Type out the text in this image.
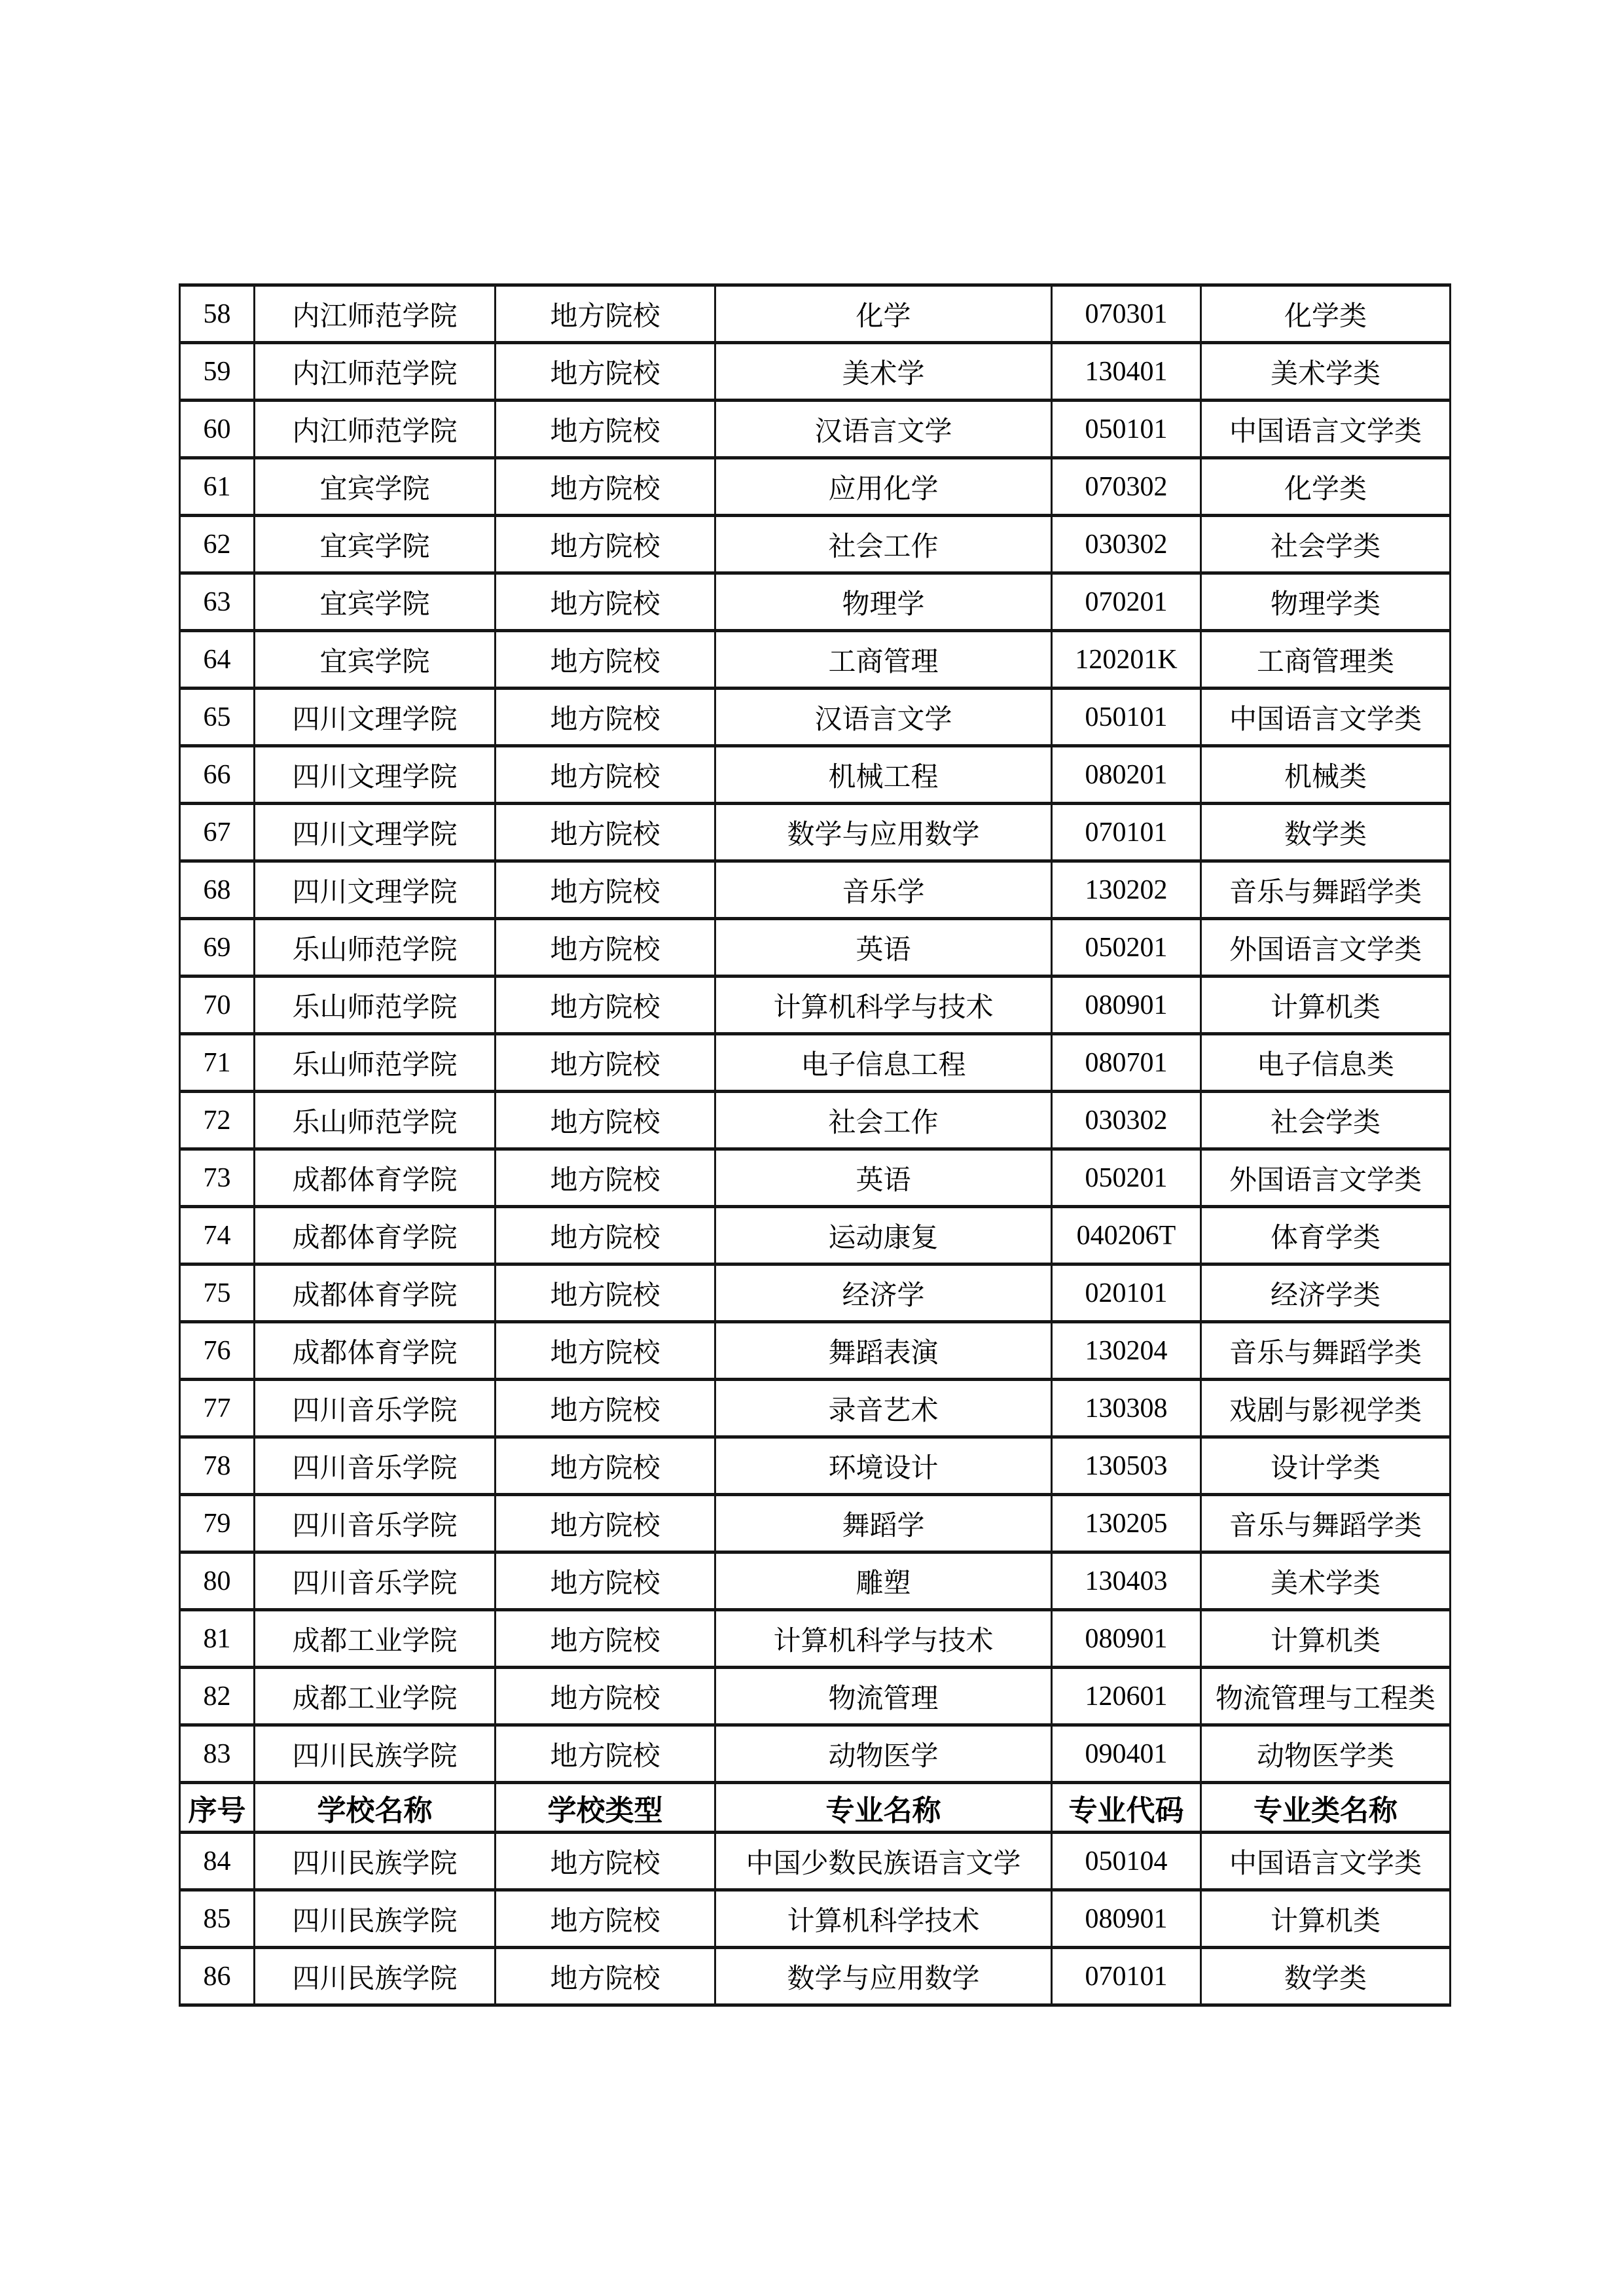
58	内江师范学院	地方院校	化学	070301	化学类
59	内江师范学院	地方院校	美术学	130401	美术学类
60	内江师范学院	地方院校	汉语言文学	050101	中国语言文学类
61	宜宾学院	地方院校	应用化学	070302	化学类
62	宜宾学院	地方院校	社会工作	030302	社会学类
63	宜宾学院	地方院校	物理学	070201	物理学类
64	宜宾学院	地方院校	工商管理	120201K	工商管理类
65	四川文理学院	地方院校	汉语言文学	050101	中国语言文学类
66	四川文理学院	地方院校	机械工程	080201	机械类
67	四川文理学院	地方院校	数学与应用数学	070101	数学类
68	四川文理学院	地方院校	音乐学	130202	音乐与舞蹈学类
69	乐山师范学院	地方院校	英语	050201	外国语言文学类
70	乐山师范学院	地方院校	计算机科学与技术	080901	计算机类
71	乐山师范学院	地方院校	电子信息工程	080701	电子信息类
72	乐山师范学院	地方院校	社会工作	030302	社会学类
73	成都体育学院	地方院校	英语	050201	外国语言文学类
74	成都体育学院	地方院校	运动康复	040206T	体育学类
75	成都体育学院	地方院校	经济学	020101	经济学类
76	成都体育学院	地方院校	舞蹈表演	130204	音乐与舞蹈学类
77	四川音乐学院	地方院校	录音艺术	130308	戏剧与影视学类
78	四川音乐学院	地方院校	环境设计	130503	设计学类
79	四川音乐学院	地方院校	舞蹈学	130205	音乐与舞蹈学类
80	四川音乐学院	地方院校	雕塑	130403	美术学类
81	成都工业学院	地方院校	计算机科学与技术	080901	计算机类
82	成都工业学院	地方院校	物流管理	120601	物流管理与工程类
83	四川民族学院	地方院校	动物医学	090401	动物医学类
序号	学校名称	学校类型	专业名称	专业代码	专业类名称
84	四川民族学院	地方院校	中国少数民族语言文学	050104	中国语言文学类
85	四川民族学院	地方院校	计算机科学技术	080901	计算机类
86	四川民族学院	地方院校	数学与应用数学	070101	数学类
